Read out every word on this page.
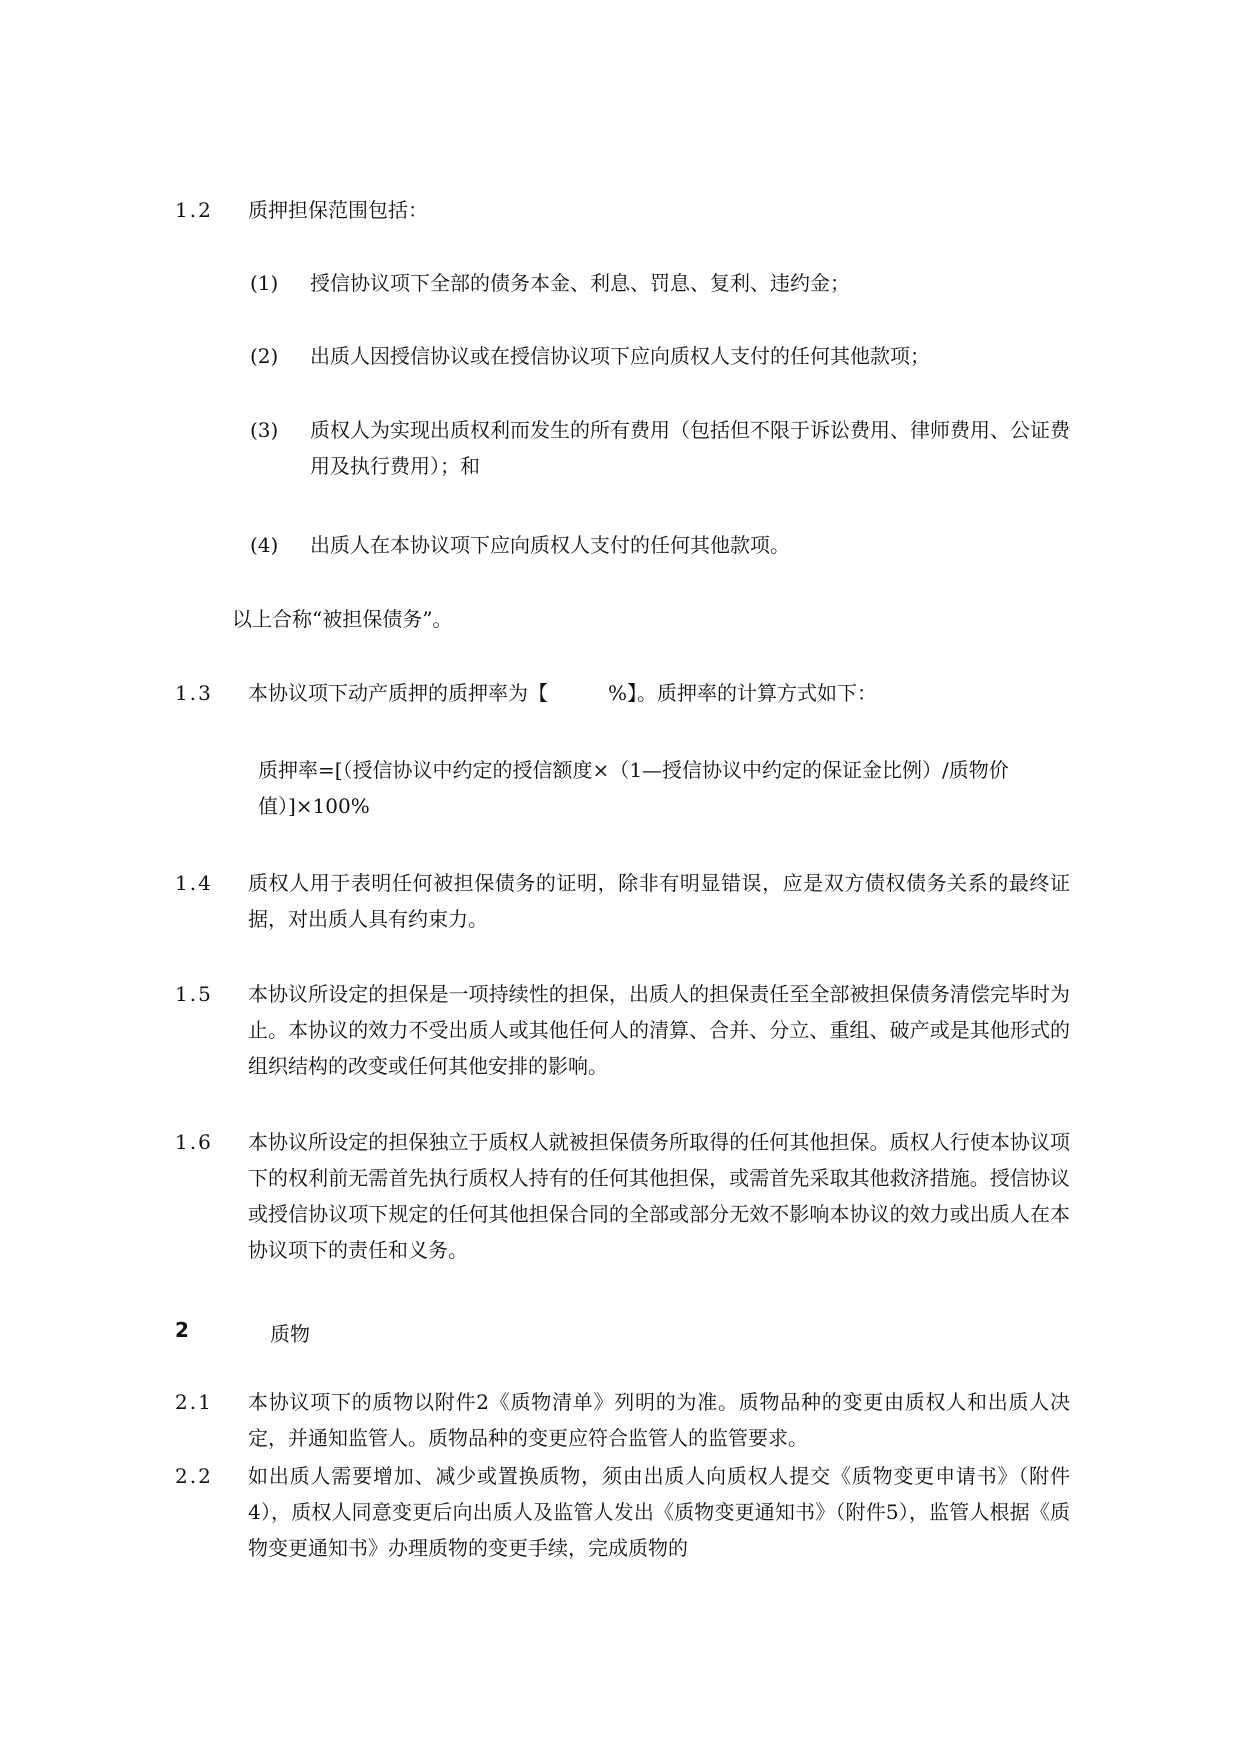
1.2	质押担保范围包括：
(1)	授信协议项下全部的债务本金、利息、罚息、复利、违约金；
(2)	出质人因授信协议或在授信协议项下应向质权人支付的任何其他款项；
(3)	质权人为实现出质权利而发生的所有费用（包括但不限于诉讼费用、律师费用、公证费用及执行费用）；和
(4)	出质人在本协议项下应向质权人支付的任何其他款项。
以上合称“被担保债务”。
1.3	本协议项下动产质押的质押率为【　　　%】。质押率的计算方式如下：
质押率=[（授信协议中约定的授信额度×（1—授信协议中约定的保证金比例）/质物价值）]×100%
1.4	质权人用于表明任何被担保债务的证明，除非有明显错误，应是双方债权债务关系的最终证据，对出质人具有约束力。
1.5	本协议所设定的担保是一项持续性的担保，出质人的担保责任至全部被担保债务清偿完毕时为止。本协议的效力不受出质人或其他任何人的清算、合并、分立、重组、破产或是其他形式的组织结构的改变或任何其他安排的影响。
1.6	本协议所设定的担保独立于质权人就被担保债务所取得的任何其他担保。质权人行使本协议项下的权利前无需首先执行质权人持有的任何其他担保，或需首先采取其他救济措施。授信协议或授信协议项下规定的任何其他担保合同的全部或部分无效不影响本协议的效力或出质人在本协议项下的责任和义务。
2	质物
2.1	本协议项下的质物以附件2《质物清单》列明的为准。质物品种的变更由质权人和出质人决定，并通知监管人。质物品种的变更应符合监管人的监管要求。
2.2	如出质人需要增加、减少或置换质物，须由出质人向质权人提交《质物变更申请书》（附件4），质权人同意变更后向出质人及监管人发出《质物变更通知书》（附件5），监管人根据《质物变更通知书》办理质物的变更手续，完成质物的
